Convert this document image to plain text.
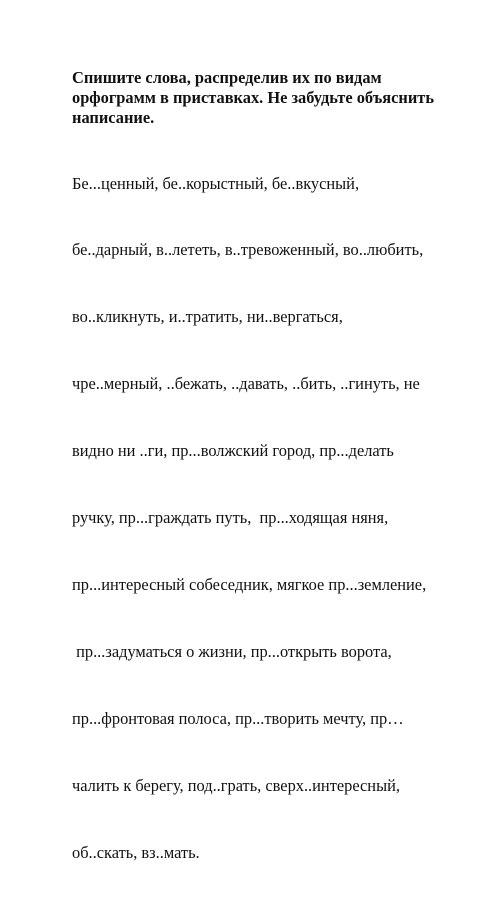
Спишите слова, распределив их по видам
орфограмм в приставках. Не забудьте объяснить
написание.

Бе...ценный, бе..корыстный, бе..вкусный,

бе..дарный, в..лететь, в..тревоженный, во..любить,

во..кликнуть, и..тратить, ни..вергаться,

чре..мерный, ..бежать, ..давать, ..бить, ..гинуть, не

видно ни ..ги, пр...волжский город, пр...делать

ручку, пр...граждать путь,  пр...ходящая няня,

пр...интересный собеседник, мягкое пр...земление,

пр...задуматься о жизни, пр...открыть ворота,

пр...фронтовая полоса, пр...творить мечту, пр…

чалить к берегу, под..грать, сверх..интересный,

об..скать, вз..мать.
